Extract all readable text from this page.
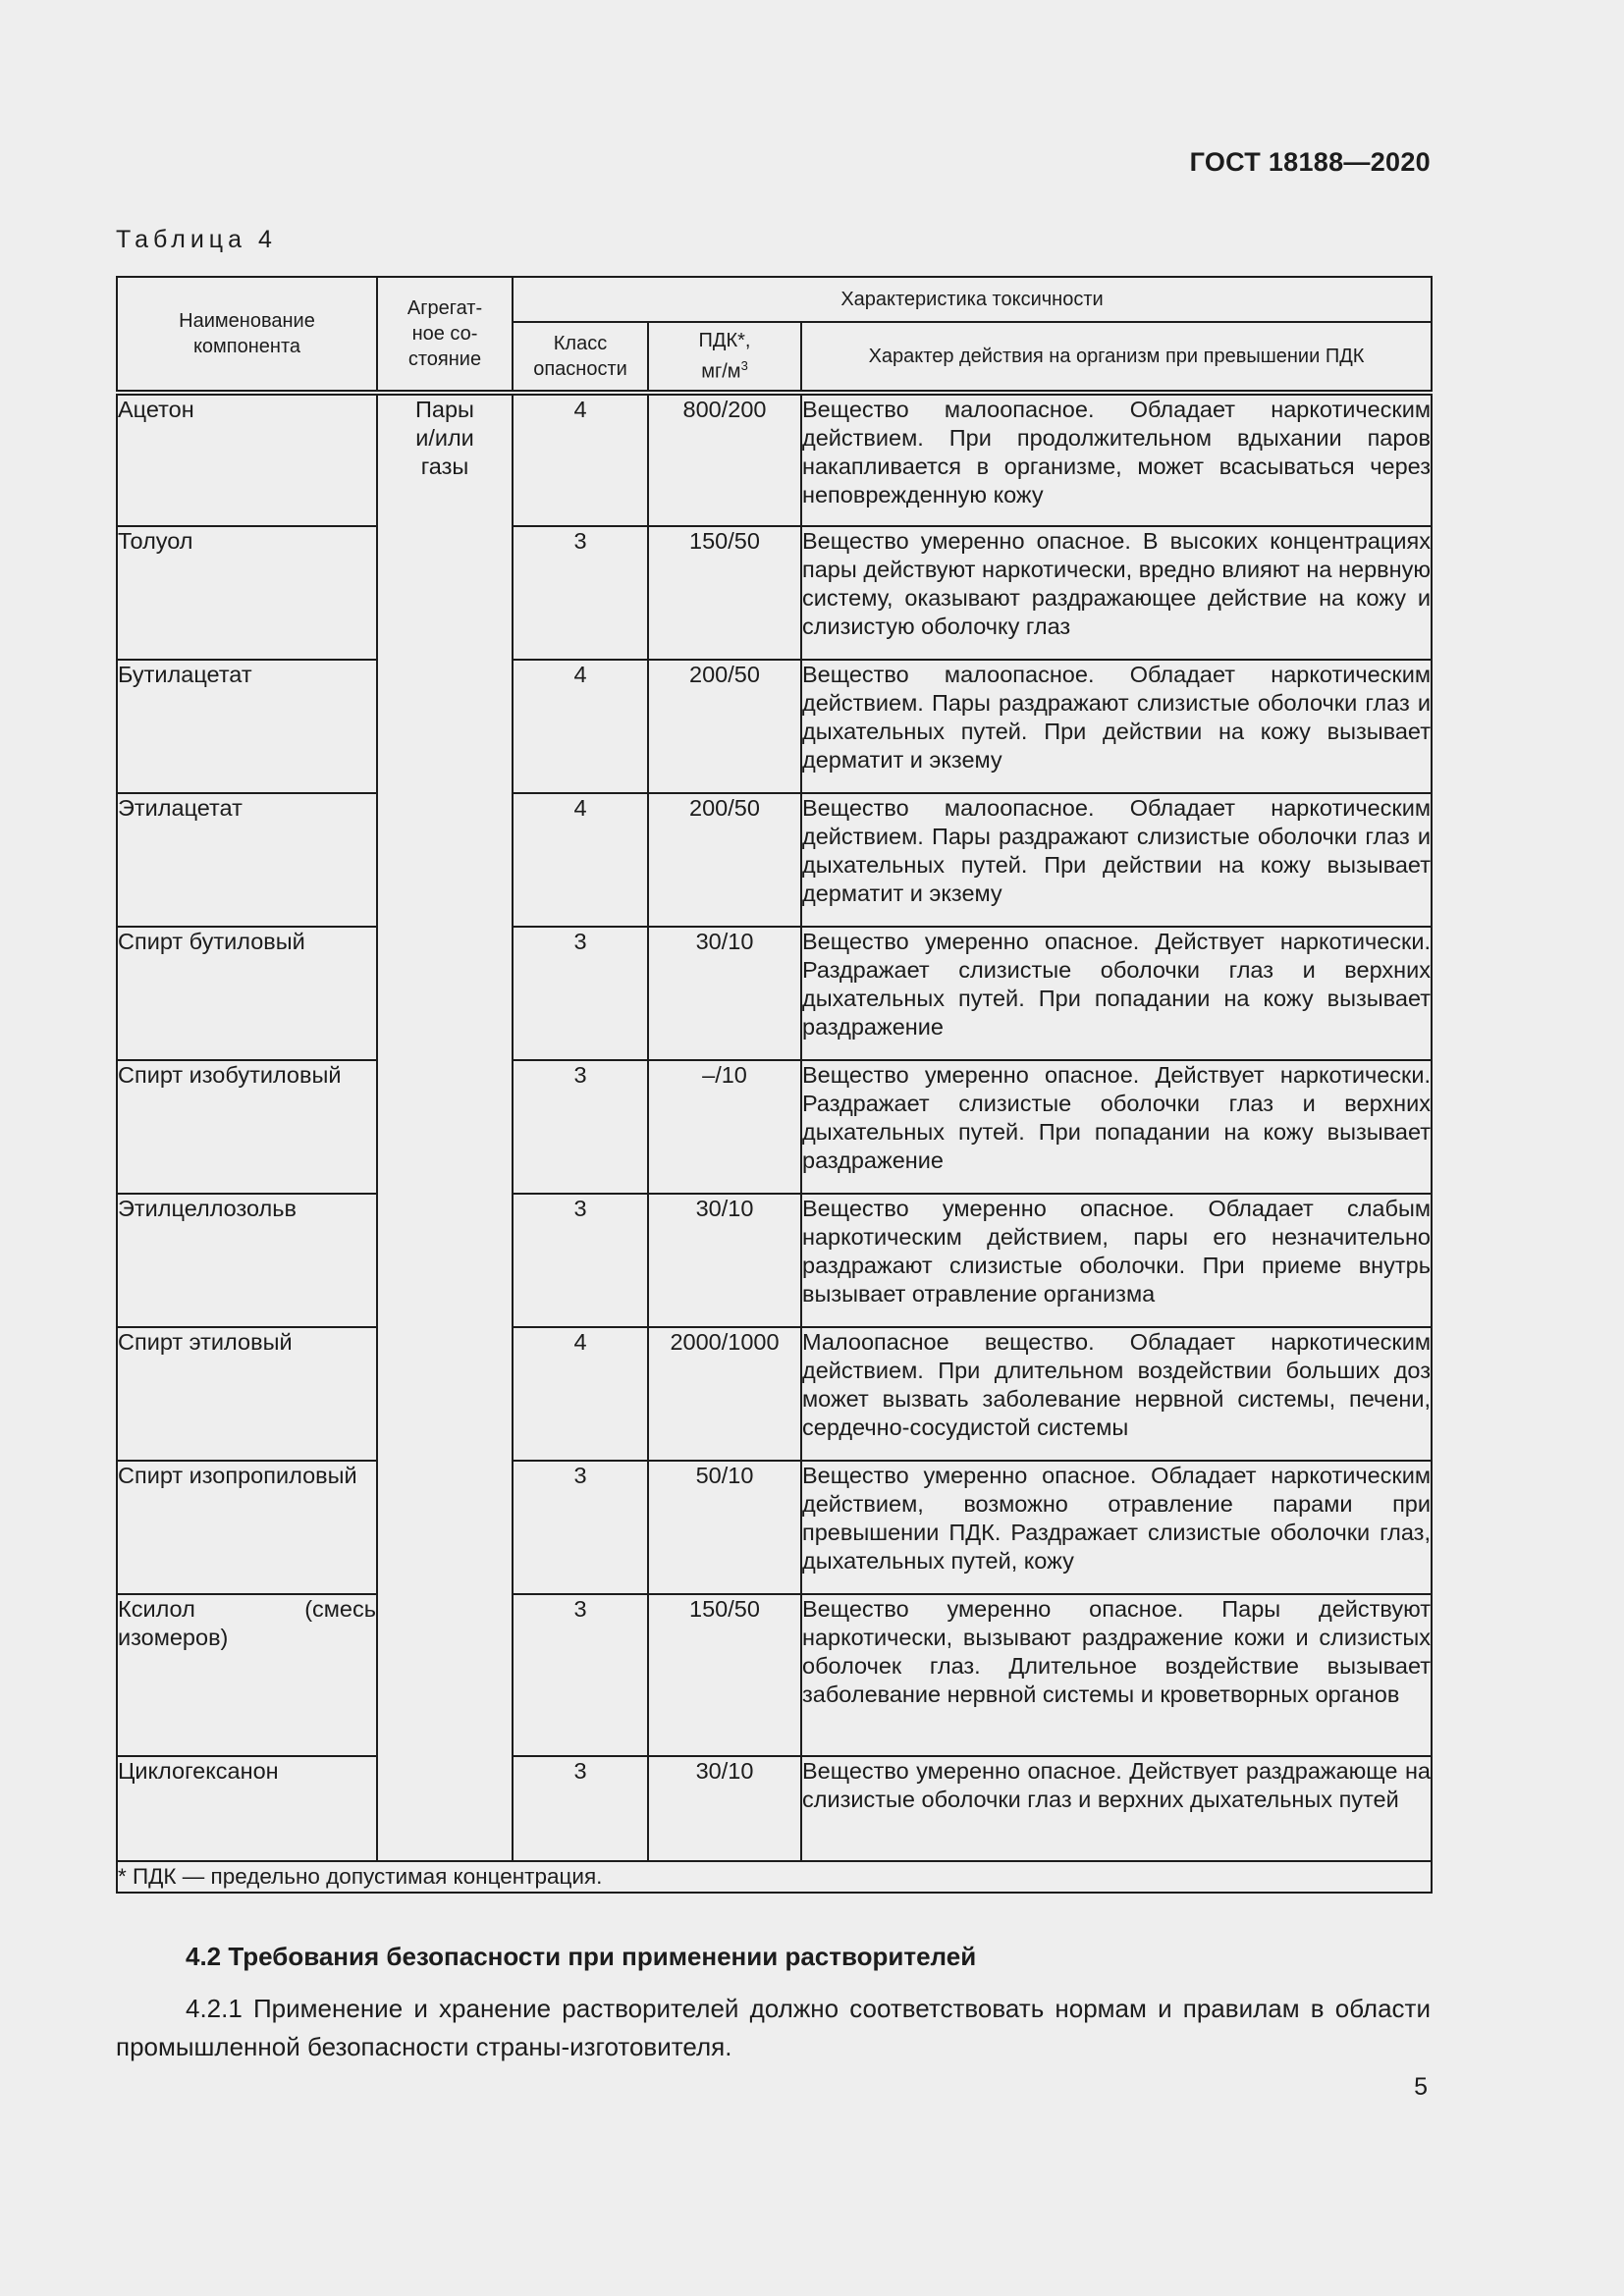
ГОСТ 18188—2020
Таблица 4
Наименование компонента	Агрегат-
ное со-
стояние	Характеристика токсичности		
		Класс опасности	ПДК*,
$мг/м^3$	Характер действия на организм при превышении ПДК
Ацетон	Пары
и/или
газы	4	800/200	Вещество малоопасное. Обладает наркотическим действием. При продолжительном вдыхании паров накапливается в организме, может всасываться через неповрежденную кожу
Толуол		3	150/50	Вещество умеренно опасное. В высоких концентрациях пары действуют наркотически, вредно влияют на нервную систему, оказывают раздражающее действие на кожу и слизистую оболочку глаз
Бутилацетат		4	200/50	Вещество малоопасное. Обладает наркотическим действием. Пары раздражают слизистые оболочки глаз и дыхательных путей. При действии на кожу вызывает дерматит и экзему
Этилацетат		4	200/50	Вещество малоопасное. Обладает наркотическим действием. Пары раздражают слизистые оболочки глаз и дыхательных путей. При действии на кожу вызывает дерматит и экзему
Спирт бутиловый		3	30/10	Вещество умеренно опасное. Действует наркотически. Раздражает слизистые оболочки глаз и верхних дыхательных путей. При попадании на кожу вызывает раздражение
Спирт изобутиловый		3	–/10	Вещество умеренно опасное. Действует наркотически. Раздражает слизистые оболочки глаз и верхних дыхательных путей. При попадании на кожу вызывает раздражение
Этилцеллозольв		3	30/10	Вещество умеренно опасное. Обладает слабым наркотическим действием, пары его незначительно раздражают слизистые оболочки. При приеме внутрь вызывает отравление организма
Спирт этиловый		4	2000/1000	Малоопасное вещество. Обладает наркотическим действием. При длительном воздействии больших доз может вызвать заболевание нервной системы, печени, сердечно-сосудистой системы
Спирт изопропиловый		3	50/10	Вещество умеренно опасное. Обладает наркотическим действием, возможно отравление парами при превышении ПДК. Раздражает слизистые оболочки глаз, дыхательных путей, кожу
Ксилол (смесь изомеров)		3	150/50	Вещество умеренно опасное. Пары действуют наркотически, вызывают раздражение кожи и слизистых оболочек глаз. Длительное воздействие вызывает заболевание нервной системы и кроветворных органов
Циклогексанон		3	30/10	Вещество умеренно опасное. Действует раздражающе на слизистые оболочки глаз и верхних дыхательных путей
* ПДК — предельно допустимая концентрация.				
4.2 Требования безопасности при применении растворителей
4.2.1 Применение и хранение растворителей должно соответствовать нормам и правилам в области промышленной безопасности страны-изготовителя.
5
